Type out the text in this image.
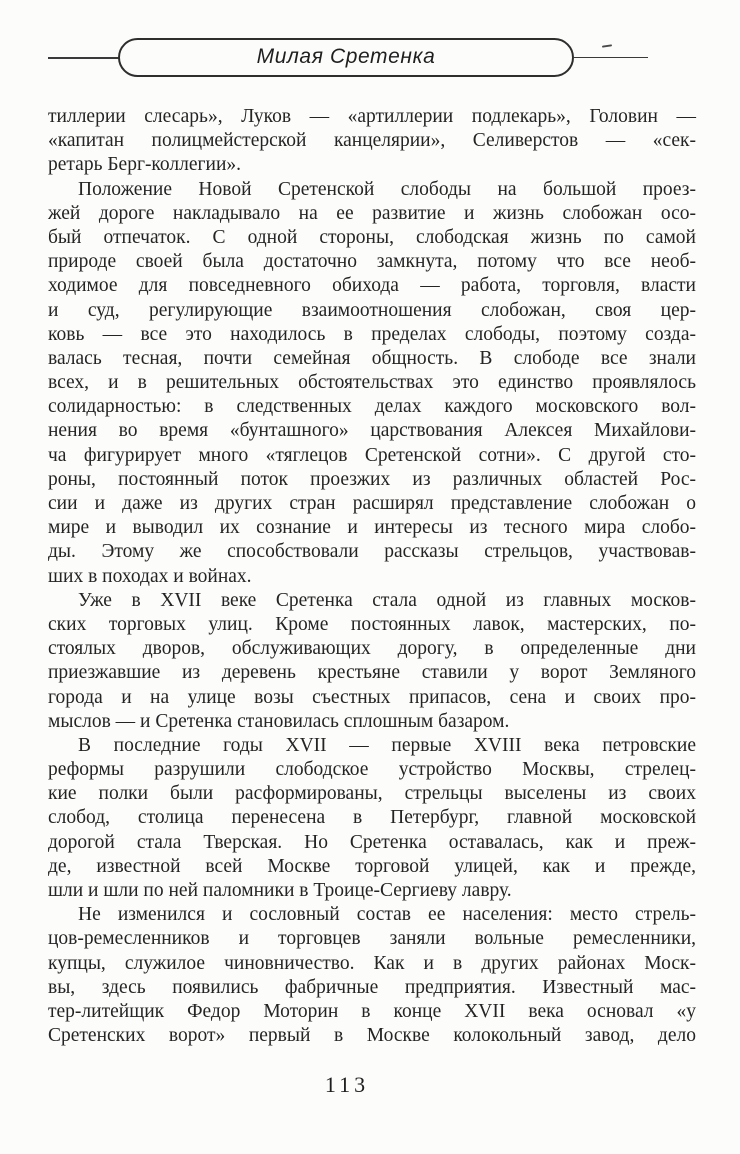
Милая Сретенка
тиллерии слесарь», Луков — «артиллерии подлекарь», Головин —
«капитан полицмейстерской канцелярии», Селиверстов — «сек-
ретарь Берг-коллегии».
Положение Новой Сретенской слободы на большой проез-
жей дороге накладывало на ее развитие и жизнь слобожан осо-
бый отпечаток. С одной стороны, слободская жизнь по самой
природе своей была достаточно замкнута, потому что все необ-
ходимое для повседневного обихода — работа, торговля, власти
и суд, регулирующие взаимоотношения слобожан, своя цер-
ковь — все это находилось в пределах слободы, поэтому созда-
валась тесная, почти семейная общность. В слободе все знали
всех, и в решительных обстоятельствах это единство проявлялось
солидарностью: в следственных делах каждого московского вол-
нения во время «бунташного» царствования Алексея Михайлови-
ча фигурирует много «тяглецов Сретенской сотни». С другой сто-
роны, постоянный поток проезжих из различных областей Рос-
сии и даже из других стран расширял представление слобожан о
мире и выводил их сознание и интересы из тесного мира слобо-
ды. Этому же способствовали рассказы стрельцов, участвовав-
ших в походах и войнах.
Уже в XVII веке Сретенка стала одной из главных москов-
ских торговых улиц. Кроме постоянных лавок, мастерских, по-
стоялых дворов, обслуживающих дорогу, в определенные дни
приезжавшие из деревень крестьяне ставили у ворот Земляного
города и на улице возы съестных припасов, сена и своих про-
мыслов — и Сретенка становилась сплошным базаром.
В последние годы XVII — первые XVIII века петровские
реформы разрушили слободское устройство Москвы, стрелец-
кие полки были расформированы, стрельцы выселены из своих
слобод, столица перенесена в Петербург, главной московской
дорогой стала Тверская. Но Сретенка оставалась, как и преж-
де, известной всей Москве торговой улицей, как и прежде,
шли и шли по ней паломники в Троице-Сергиеву лавру.
Не изменился и сословный состав ее населения: место стрель-
цов-ремесленников и торговцев заняли вольные ремесленники,
купцы, служилое чиновничество. Как и в других районах Моск-
вы, здесь появились фабричные предприятия. Известный мас-
тер-литейщик Федор Моторин в конце XVII века основал «у
Сретенских ворот» первый в Москве колокольный завод, дело
113
